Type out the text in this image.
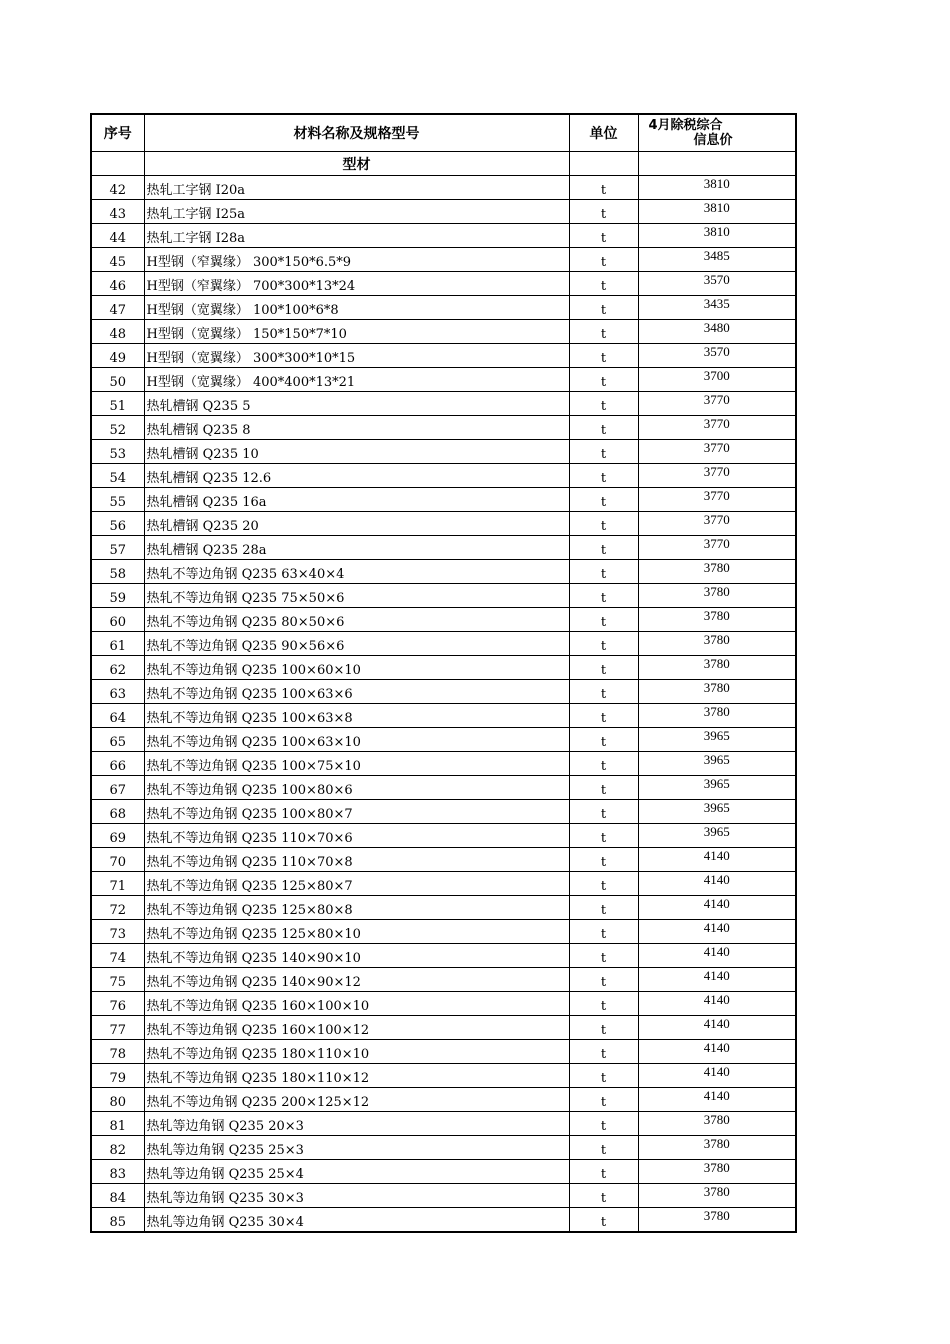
序号	材料名称及规格型号	单位	4月除税综合
信息价

	型材		
42	热轧工字钢 I20a	t	3810
43	热轧工字钢 I25a	t	3810
44	热轧工字钢 I28a	t	3810
45	H型钢（窄翼缘） 300*150*6.5*9	t	3485
46	H型钢（窄翼缘） 700*300*13*24	t	3570
47	H型钢（宽翼缘） 100*100*6*8	t	3435
48	H型钢（宽翼缘） 150*150*7*10	t	3480
49	H型钢（宽翼缘） 300*300*10*15	t	3570
50	H型钢（宽翼缘） 400*400*13*21	t	3700
51	热轧槽钢 Q235 5	t	3770
52	热轧槽钢 Q235 8	t	3770
53	热轧槽钢 Q235 10	t	3770
54	热轧槽钢 Q235 12.6	t	3770
55	热轧槽钢 Q235 16a	t	3770
56	热轧槽钢 Q235 20	t	3770
57	热轧槽钢 Q235 28a	t	3770
58	热轧不等边角钢 Q235 63×40×4	t	3780
59	热轧不等边角钢 Q235 75×50×6	t	3780
60	热轧不等边角钢 Q235 80×50×6	t	3780
61	热轧不等边角钢 Q235 90×56×6	t	3780
62	热轧不等边角钢 Q235 100×60×10	t	3780
63	热轧不等边角钢 Q235 100×63×6	t	3780
64	热轧不等边角钢 Q235 100×63×8	t	3780
65	热轧不等边角钢 Q235 100×63×10	t	3965
66	热轧不等边角钢 Q235 100×75×10	t	3965
67	热轧不等边角钢 Q235 100×80×6	t	3965
68	热轧不等边角钢 Q235 100×80×7	t	3965
69	热轧不等边角钢 Q235 110×70×6	t	3965
70	热轧不等边角钢 Q235 110×70×8	t	4140
71	热轧不等边角钢 Q235 125×80×7	t	4140
72	热轧不等边角钢 Q235 125×80×8	t	4140
73	热轧不等边角钢 Q235 125×80×10	t	4140
74	热轧不等边角钢 Q235 140×90×10	t	4140
75	热轧不等边角钢 Q235 140×90×12	t	4140
76	热轧不等边角钢 Q235 160×100×10	t	4140
77	热轧不等边角钢 Q235 160×100×12	t	4140
78	热轧不等边角钢 Q235 180×110×10	t	4140
79	热轧不等边角钢 Q235 180×110×12	t	4140
80	热轧不等边角钢 Q235 200×125×12	t	4140
81	热轧等边角钢 Q235 20×3	t	3780
82	热轧等边角钢 Q235 25×3	t	3780
83	热轧等边角钢 Q235 25×4	t	3780
84	热轧等边角钢 Q235 30×3	t	3780
85	热轧等边角钢 Q235 30×4	t	3780
